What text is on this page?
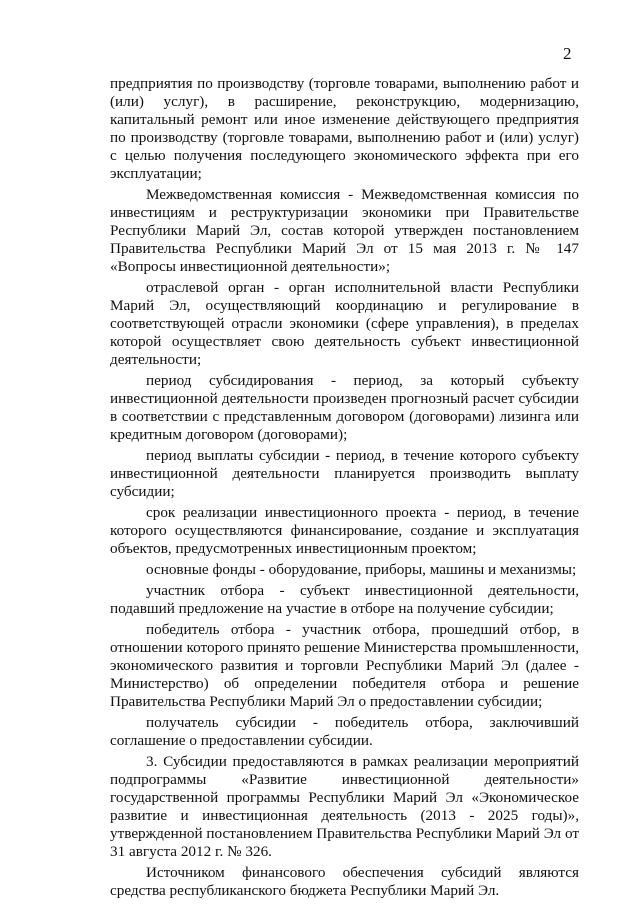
2

предприятия по производству (торговле товарами, выполнению работ и (или) услуг), в расширение, реконструкцию, модернизацию, капитальный ремонт или иное изменение действующего предприятия по производству (торговле товарами, выполнению работ и (или) услуг) с целью получения последующего экономического эффекта при его эксплуатации;

Межведомственная комиссия - Межведомственная комиссия по инвестициям и реструктуризации экономики при Правительстве Республики Марий Эл, состав которой утвержден постановлением Правительства Республики Марий Эл от 15 мая 2013 г. № 147 «Вопросы инвестиционной деятельности»;

отраслевой орган - орган исполнительной власти Республики Марий Эл, осуществляющий координацию и регулирование в соответствующей отрасли экономики (сфере управления), в пределах которой осуществляет свою деятельность субъект инвестиционной деятельности;

период субсидирования - период, за который субъекту инвестиционной деятельности произведен прогнозный расчет субсидии в соответствии с представленным договором (договорами) лизинга или кредитным договором (договорами);

период выплаты субсидии - период, в течение которого субъекту инвестиционной деятельности планируется производить выплату субсидии;

срок реализации инвестиционного проекта - период, в течение которого осуществляются финансирование, создание и эксплуатация объектов, предусмотренных инвестиционным проектом;

основные фонды - оборудование, приборы, машины и механизмы;

участник отбора - субъект инвестиционной деятельности, подавший предложение на участие в отборе на получение субсидии;

победитель отбора - участник отбора, прошедший отбор, в отношении которого принято решение Министерства промышленности, экономического развития и торговли Республики Марий Эл (далее - Министерство) об определении победителя отбора и решение Правительства Республики Марий Эл о предоставлении субсидии;

получатель субсидии - победитель отбора, заключивший соглашение о предоставлении субсидии.

3. Субсидии предоставляются в рамках реализации мероприятий подпрограммы «Развитие инвестиционной деятельности» государственной программы Республики Марий Эл «Экономическое развитие и инвестиционная деятельность (2013 - 2025 годы)», утвержденной постановлением Правительства Республики Марий Эл от 31 августа 2012 г. № 326.

Источником финансового обеспечения субсидий являются средства республиканского бюджета Республики Марий Эл.
